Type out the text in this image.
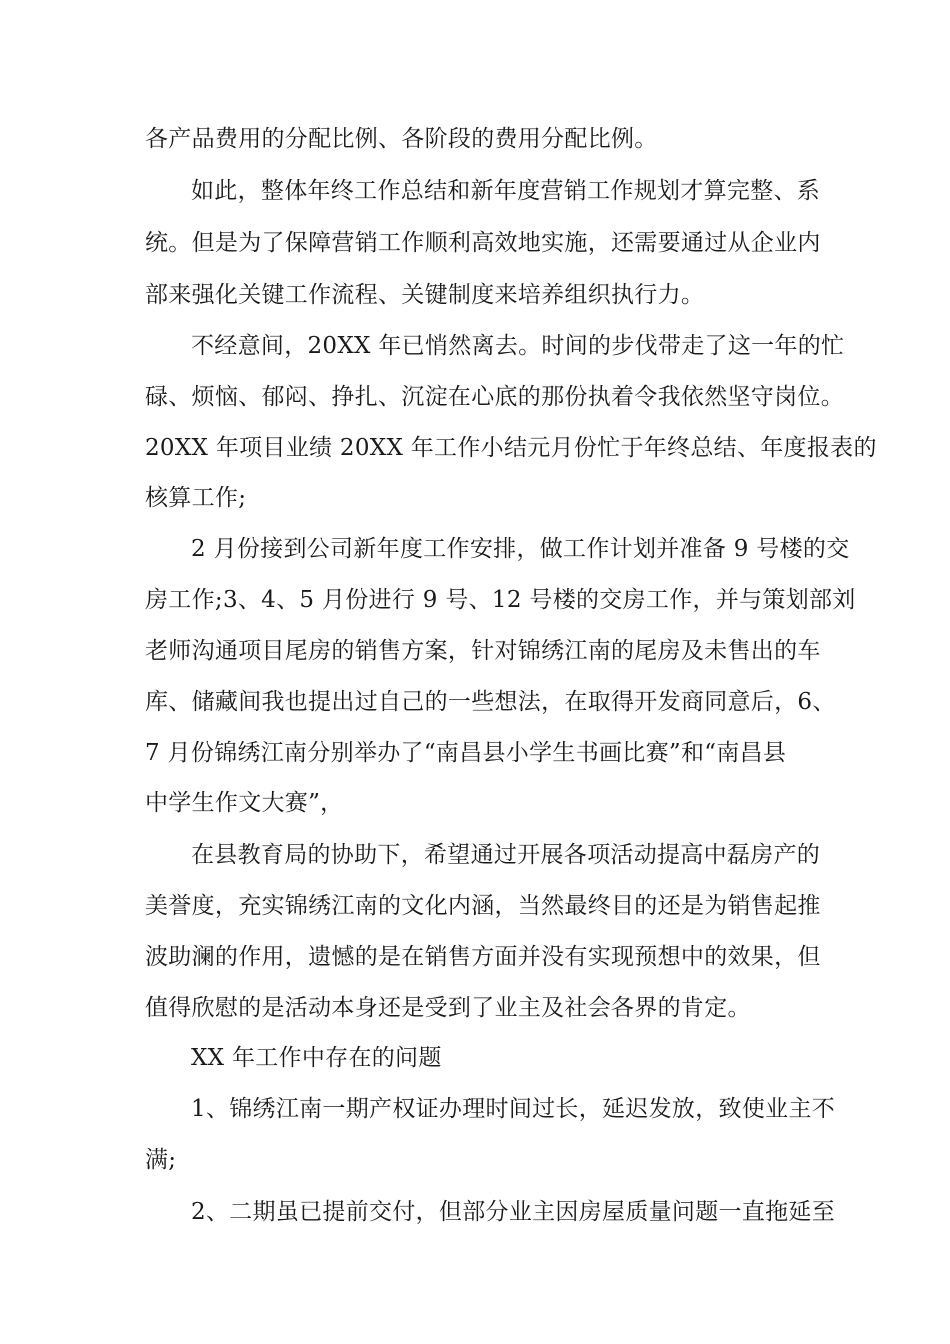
各产品费用的分配比例、各阶段的费用分配比例。
如此，整体年终工作总结和新年度营销工作规划才算完整、系
统。但是为了保障营销工作顺利高效地实施，还需要通过从企业内
部来强化关键工作流程、关键制度来培养组织执行力。
不经意间，20XX 年已悄然离去。时间的步伐带走了这一年的忙
碌、烦恼、郁闷、挣扎、沉淀在心底的那份执着令我依然坚守岗位。
20XX 年项目业绩 20XX 年工作小结元月份忙于年终总结、年度报表的
核算工作;
2 月份接到公司新年度工作安排，做工作计划并准备 9 号楼的交
房工作;3、4、5 月份进行 9 号、12 号楼的交房工作，并与策划部刘
老师沟通项目尾房的销售方案，针对锦绣江南的尾房及未售出的车
库、储藏间我也提出过自己的一些想法，在取得开发商同意后，6、
7 月份锦绣江南分别举办了“南昌县小学生书画比赛”和“南昌县
中学生作文大赛”，
在县教育局的协助下，希望通过开展各项活动提高中磊房产的
美誉度，充实锦绣江南的文化内涵，当然最终目的还是为销售起推
波助澜的作用，遗憾的是在销售方面并没有实现预想中的效果，但
值得欣慰的是活动本身还是受到了业主及社会各界的肯定。
XX 年工作中存在的问题
1、锦绣江南一期产权证办理时间过长，延迟发放，致使业主不
满;
2、二期虽已提前交付，但部分业主因房屋质量问题一直拖延至
